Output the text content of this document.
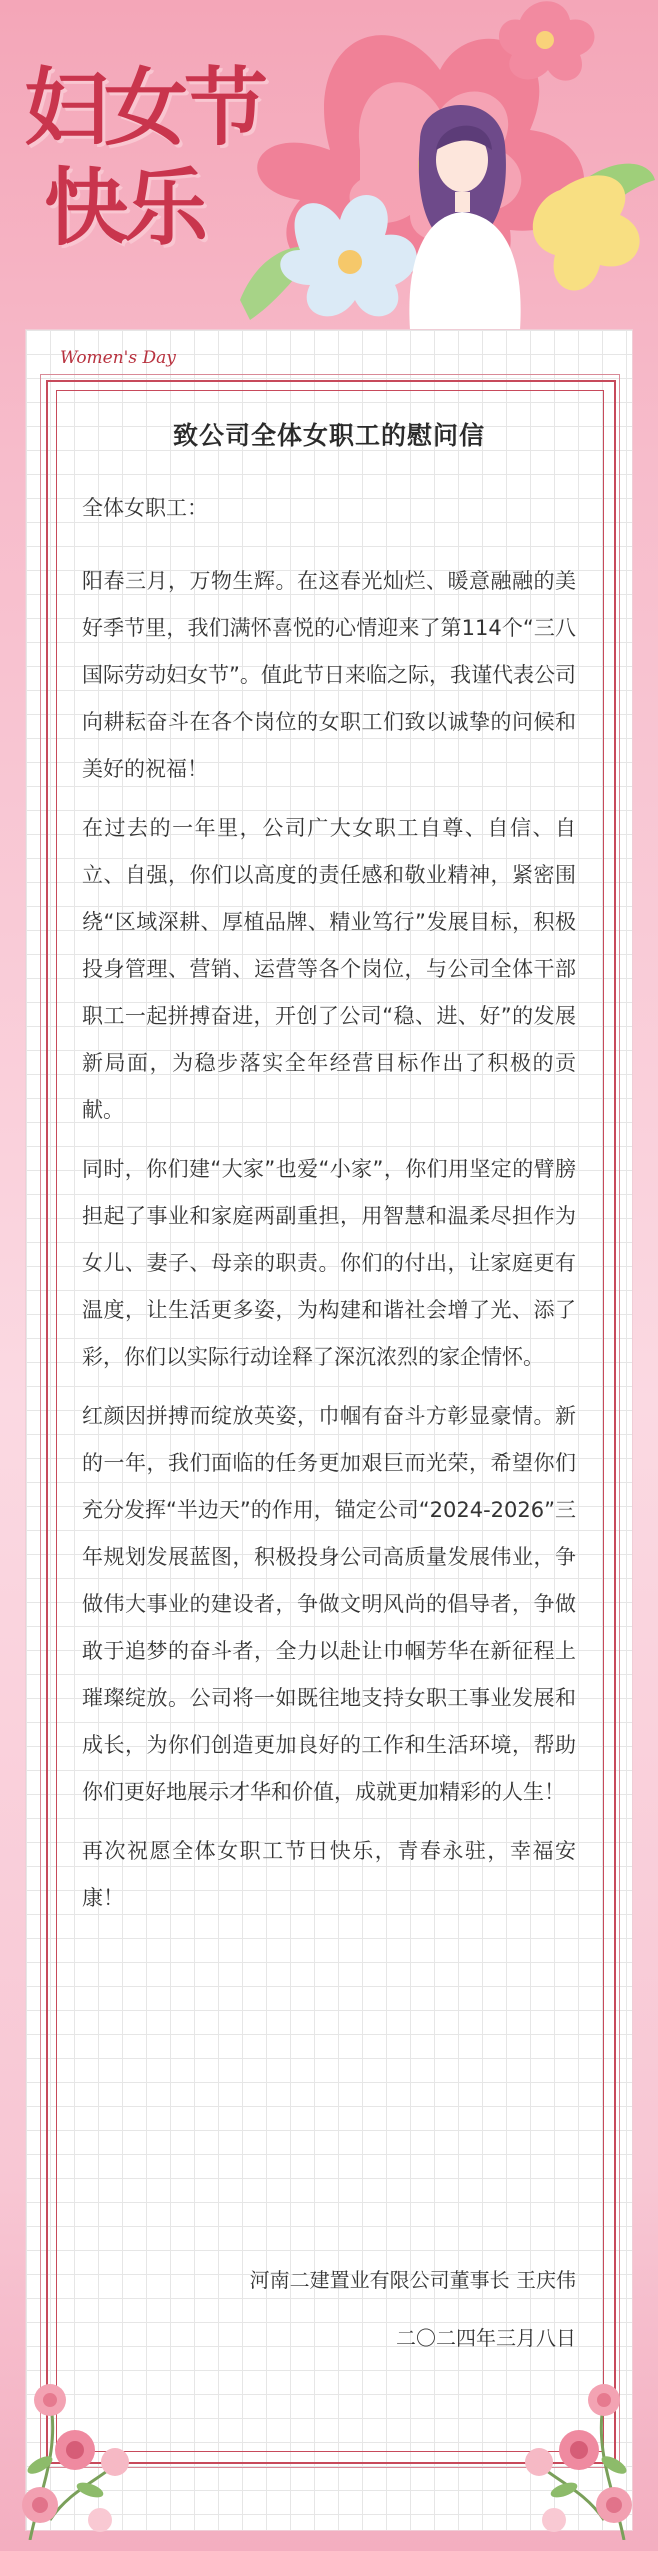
妇女节
快乐
Women's Day
致公司全体女职工的慰问信
全体女职工：

阳春三月，万物生辉。在这春光灿烂、暖意融融的美好季节里，我们满怀喜悦的心情迎来了第114个“三八国际劳动妇女节”。值此节日来临之际，我谨代表公司向耕耘奋斗在各个岗位的女职工们致以诚挚的问候和美好的祝福！

在过去的一年里，公司广大女职工自尊、自信、自立、自强，你们以高度的责任感和敬业精神，紧密围绕“区域深耕、厚植品牌、精业笃行”发展目标，积极投身管理、营销、运营等各个岗位，与公司全体干部职工一起拼搏奋进，开创了公司“稳、进、好”的发展新局面，为稳步落实全年经营目标作出了积极的贡献。

同时，你们建“大家”也爱“小家”，你们用坚定的臂膀担起了事业和家庭两副重担，用智慧和温柔尽担作为女儿、妻子、母亲的职责。你们的付出，让家庭更有温度，让生活更多姿，为构建和谐社会增了光、添了彩，你们以实际行动诠释了深沉浓烈的家企情怀。

红颜因拼搏而绽放英姿，巾帼有奋斗方彰显豪情。新的一年，我们面临的任务更加艰巨而光荣，希望你们充分发挥“半边天”的作用，锚定公司“2024-2026”三年规划发展蓝图，积极投身公司高质量发展伟业，争做伟大事业的建设者，争做文明风尚的倡导者，争做敢于追梦的奋斗者，全力以赴让巾帼芳华在新征程上璀璨绽放。公司将一如既往地支持女职工事业发展和成长，为你们创造更加良好的工作和生活环境，帮助你们更好地展示才华和价值，成就更加精彩的人生！

再次祝愿全体女职工节日快乐，青春永驻，幸福安康！

河南二建置业有限公司董事长 王庆伟
二〇二四年三月八日
